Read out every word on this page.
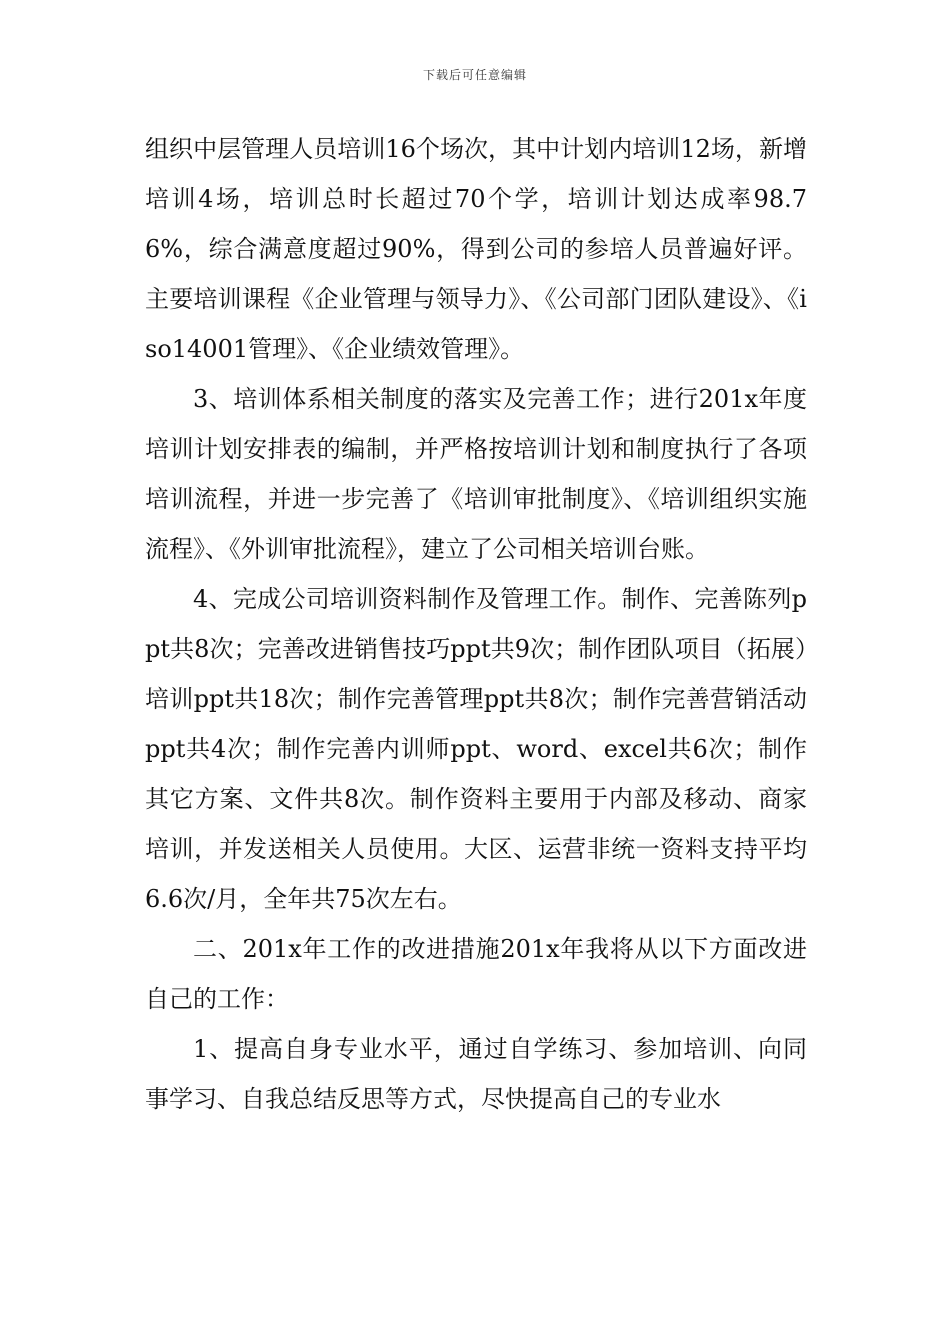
下载后可任意编辑

组织中层管理人员培训16个场次，其中计划内培训12场，新增培训4场，培训总时长超过70个学，培训计划达成率98.76%，综合满意度超过90%，得到公司的参培人员普遍好评。主要培训课程《企业管理与领导力》、《公司部门团队建设》、《iso14001管理》、《企业绩效管理》。

3、培训体系相关制度的落实及完善工作；进行201x年度培训计划安排表的编制，并严格按培训计划和制度执行了各项培训流程，并进一步完善了《培训审批制度》、《培训组织实施流程》、《外训审批流程》，建立了公司相关培训台账。

4、完成公司培训资料制作及管理工作。制作、完善陈列ppt共8次；完善改进销售技巧ppt共9次；制作团队项目（拓展）培训ppt共18次；制作完善管理ppt共8次；制作完善营销活动ppt共4次；制作完善内训师ppt、word、excel共6次；制作其它方案、文件共8次。制作资料主要用于内部及移动、商家培训，并发送相关人员使用。大区、运营非统一资料支持平均6.6次/月，全年共75次左右。

二、201x年工作的改进措施201x年我将从以下方面改进自己的工作：

1、提高自身专业水平，通过自学练习、参加培训、向同事学习、自我总结反思等方式，尽快提高自己的专业水
